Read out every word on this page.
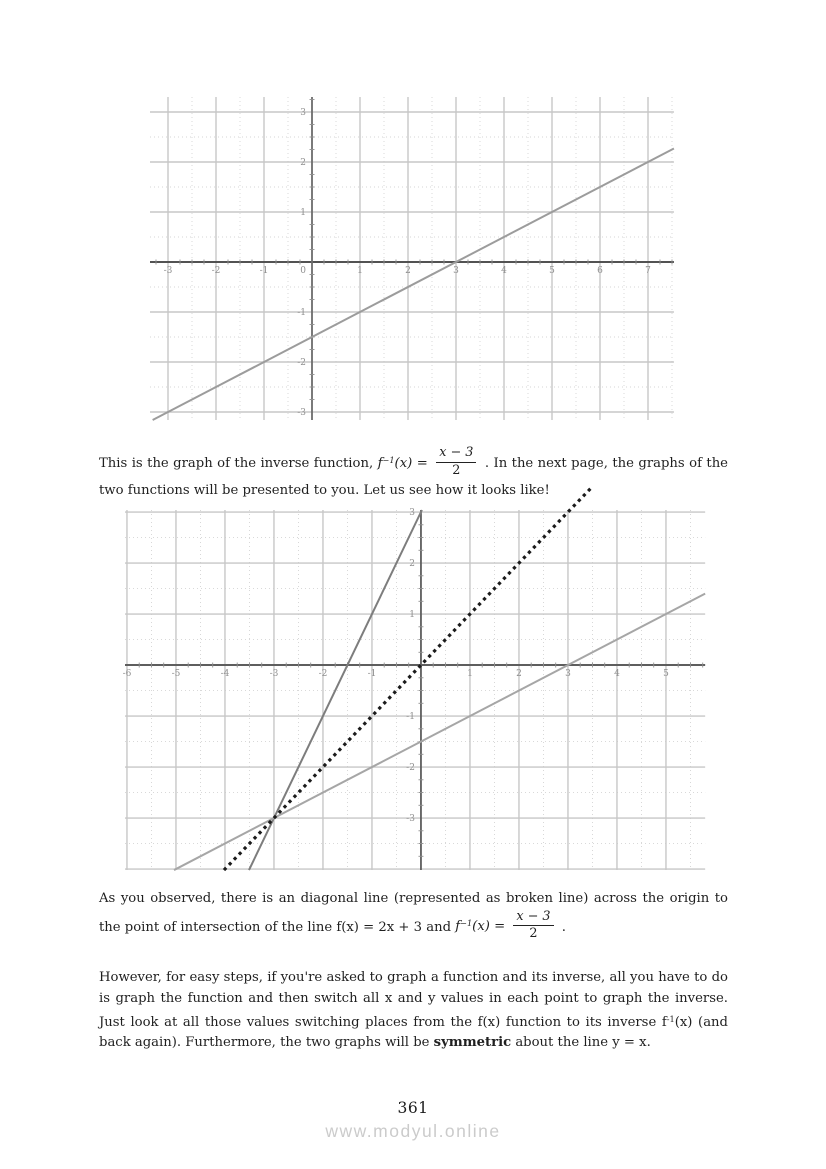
-3	-2	-1	1	2	3	4	5	6	7
-3
-2
-1
1
2
3
0

This is the graph of the inverse function, $f^{-1}(x) = \frac{x - 3}{2}$ . In the next page, the graphs of the two functions will be presented to you. Let us see how it looks like!

-6	-5	-4	-3	-2	-1	1	2	3	4	5
-3
-2
-1
1
2
3

As you observed, there is an diagonal line (represented as broken line) across the origin to the point of intersection of the line f(x) = 2x + 3 and $f^{-1}(x) = \frac{x - 3}{2}$ .

However, for easy steps, if you're asked to graph a function and its inverse, all you have to do is graph the function and then switch all x and y values in each point to graph the inverse. Just look at all those values switching places from the f(x) function to its inverse $f^{-1}(x)$ (and back again). Furthermore, the two graphs will be symmetric about the line y = x.

361
www.modyul.online
